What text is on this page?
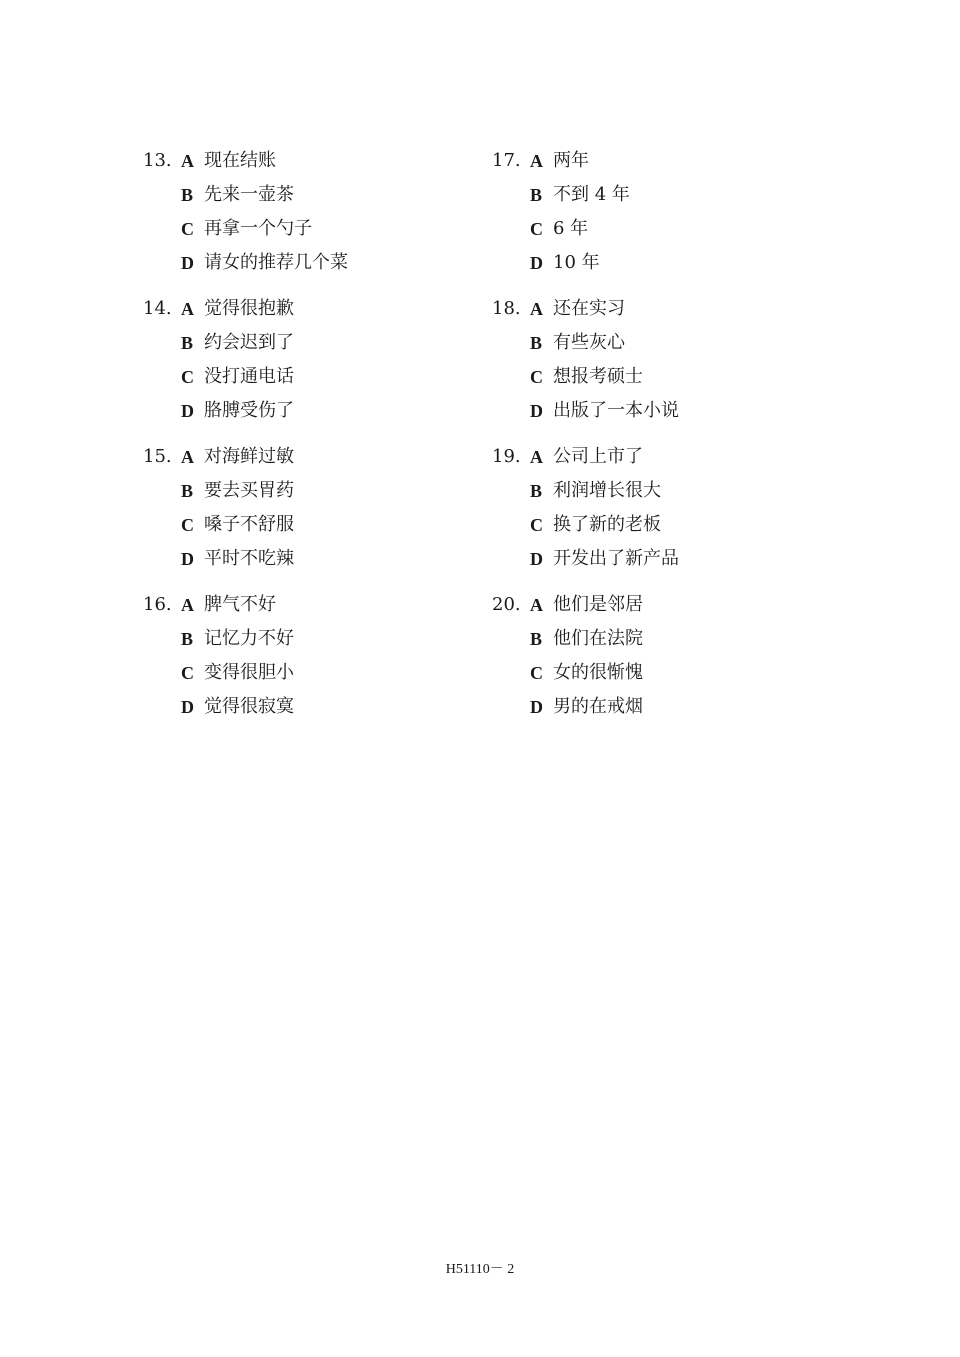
13. A 现在结账
B 先来一壶茶
C 再拿一个勺子
D 请女的推荐几个菜
14. A 觉得很抱歉
B 约会迟到了
C 没打通电话
D 胳膊受伤了
15. A 对海鲜过敏
B 要去买胃药
C 嗓子不舒服
D 平时不吃辣
16. A 脾气不好
B 记忆力不好
C 变得很胆小
D 觉得很寂寞
17. A 两年
B 不到 4 年
C 6 年
D 10 年
18. A 还在实习
B 有些灰心
C 想报考硕士
D 出版了一本小说
19. A 公司上市了
B 利润增长很大
C 换了新的老板
D 开发出了新产品
20. A 他们是邻居
B 他们在法院
C 女的很惭愧
D 男的在戒烟
H51110－ 2
